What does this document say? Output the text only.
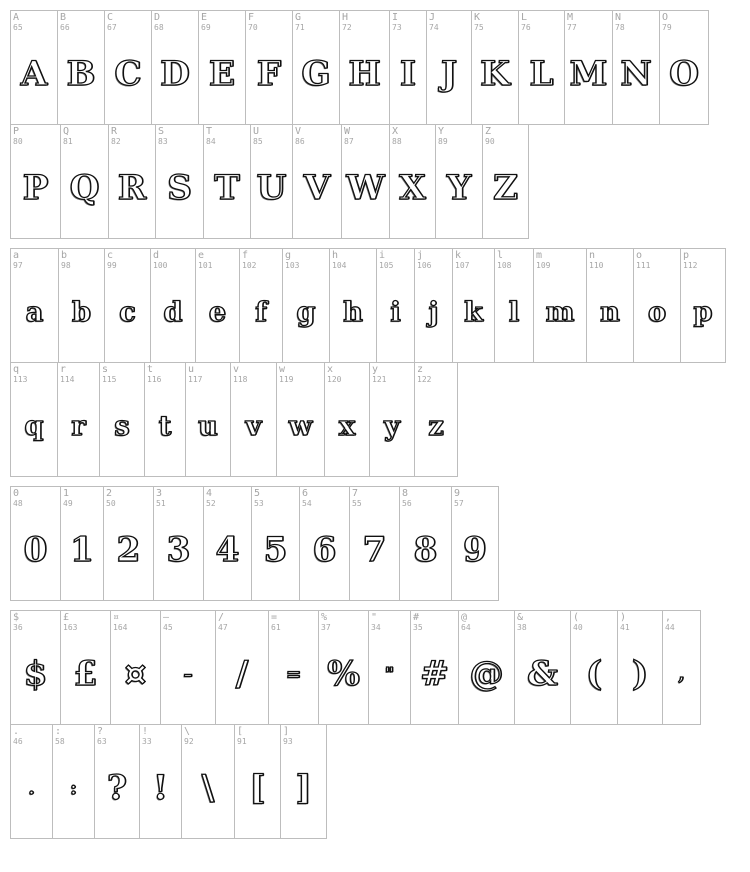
A
65
A
B
66
B
C
67
C
D
68
D
E
69
E
F
70
F
G
71
G
H
72
H
I
73
I
J
74
J
K
75
K
L
76
L
M
77
M
N
78
N
O
79
O
P
80
P
Q
81
Q
R
82
R
S
83
S
T
84
T
U
85
U
V
86
V
W
87
W
X
88
X
Y
89
Y
Z
90
Z
a
97
a
b
98
b
c
99
c
d
100
d
e
101
e
f
102
f
g
103
g
h
104
h
i
105
i
j
106
j
k
107
k
l
108
l
m
109
m
n
110
n
o
111
o
p
112
p
q
113
q
r
114
r
s
115
s
t
116
t
u
117
u
v
118
v
w
119
w
x
120
x
y
121
y
z
122
z
0
48
0
1
49
1
2
50
2
3
51
3
4
52
4
5
53
5
6
54
6
7
55
7
8
56
8
9
57
9
$
36
$
£
163
£
¤
164
¤
–
45
–
/
47
/
=
61
=
%
37
%
"
34
"
#
35
#
@
64
@
&
38
&
(
40
(
)
41
)
,
44
,
.
46
.
:
58
:
?
63
?
!
33
!
\
92
\
[
91
[
]
93
]
